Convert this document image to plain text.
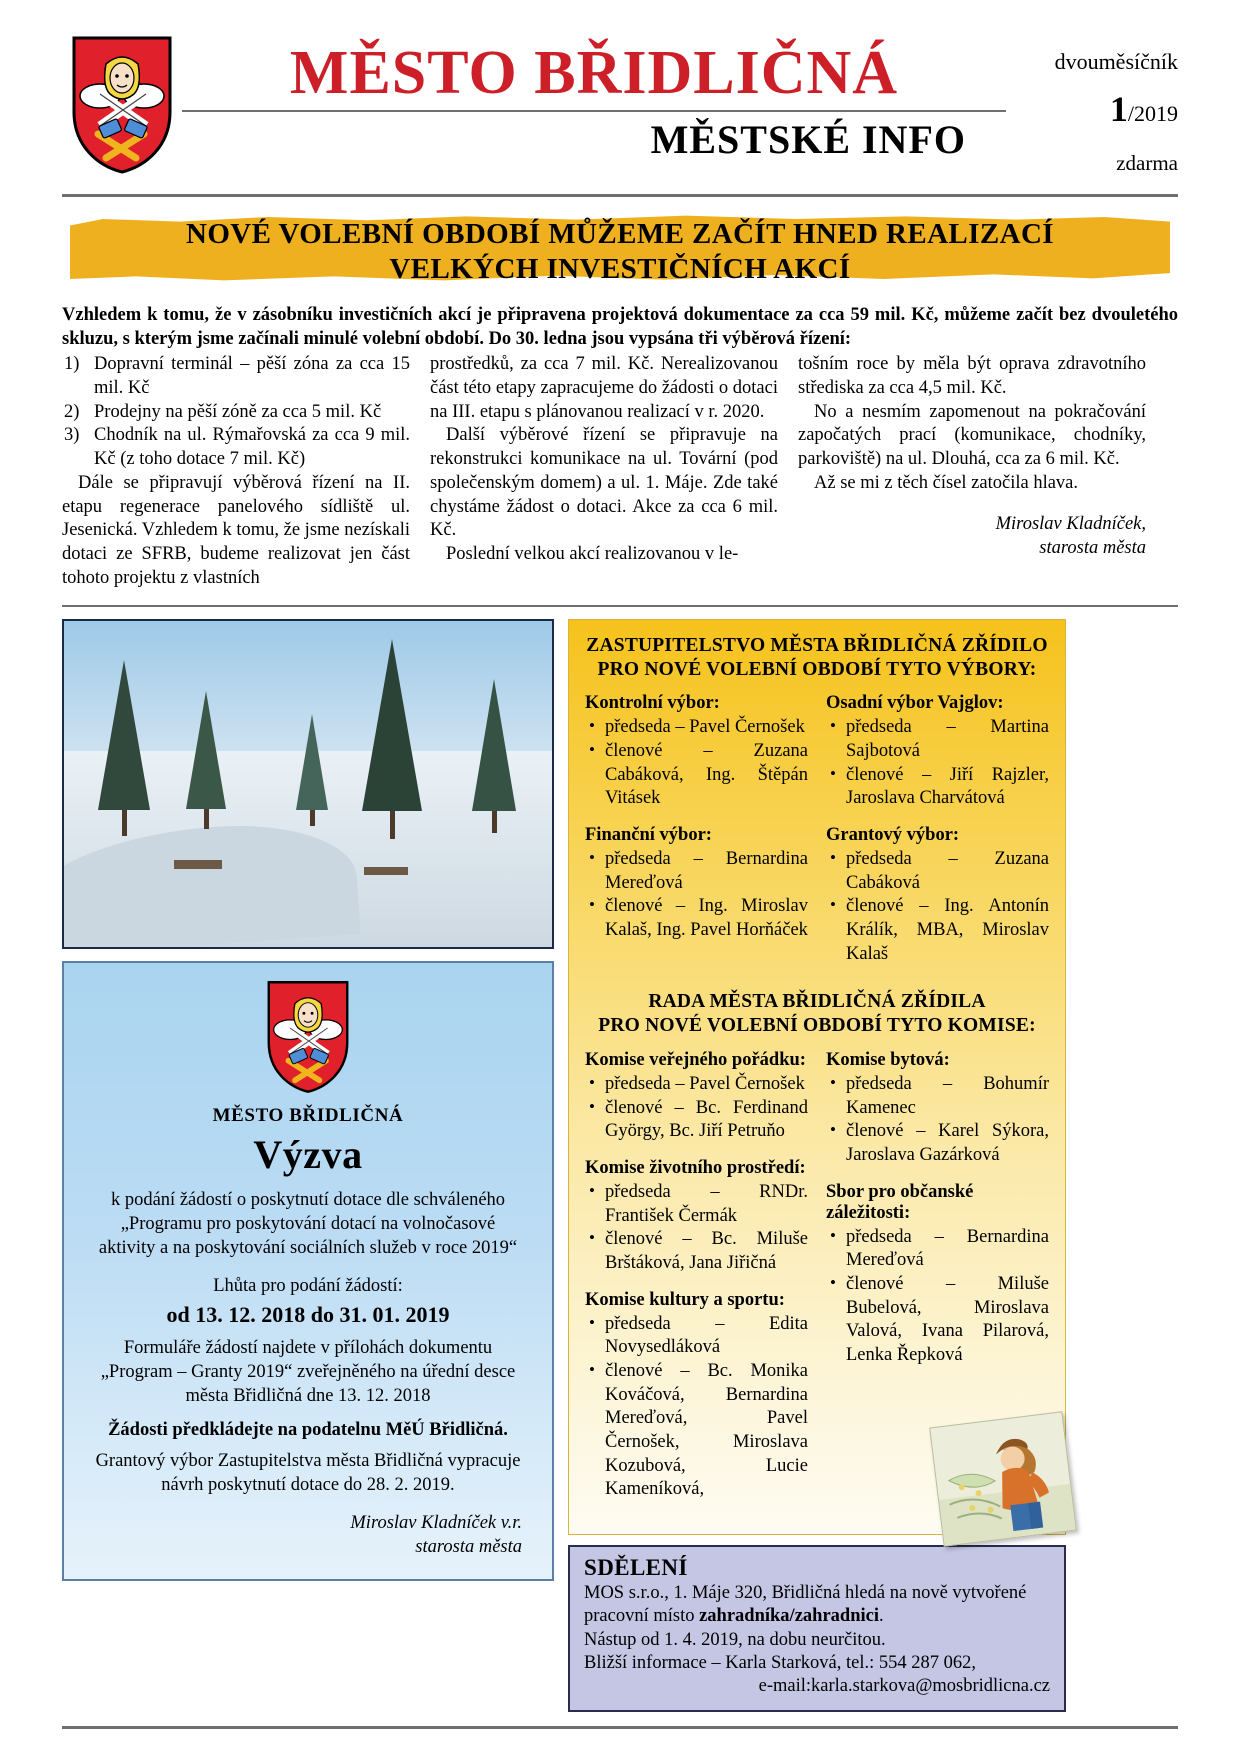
MĚSTO BŘIDLIČNÁ
MĚSTSKÉ INFO
dvouměsíčník
1/2019
zdarma
NOVÉ VOLEBNÍ OBDOBÍ MŮŽEME ZAČÍT HNED REALIZACÍ
VELKÝCH INVESTIČNÍCH AKCÍ
Vzhledem k tomu, že v zásobníku investičních akcí je připravena projektová dokumentace za cca 59 mil. Kč, můžeme začít bez dvouletého skluzu, s kterým jsme začínali minulé volební období. Do 30. ledna jsou vypsána tři výběrová řízení:
1) Dopravní terminál – pěší zóna za cca 15 mil. Kč
2) Prodejny na pěší zóně za cca 5 mil. Kč
3) Chodník na ul. Rýmařovská za cca 9 mil. Kč (z toho dotace 7 mil. Kč)

Dále se připravují výběrová řízení na II. etapu regenerace panelového sídliště ul. Jesenická. Vzhledem k tomu, že jsme nezískali dotaci ze SFRB, budeme realizovat jen část tohoto projektu z vlastních

prostředků, za cca 7 mil. Kč. Nerealizovanou část této etapy zapracujeme do žádosti o dotaci na III. etapu s plánovanou realizací v r. 2020.

Další výběrové řízení se připravuje na rekonstrukci komunikace na ul. Tovární (pod společenským domem) a ul. 1. Máje. Zde také chystáme žádost o dotaci. Akce za cca 6 mil. Kč.

Poslední velkou akcí realizovanou v le-

tošním roce by měla být oprava zdravotního střediska za cca 4,5 mil. Kč.

No a nesmím zapomenout na pokračování započatých prací (komunikace, chodníky, parkoviště) na ul. Dlouhá, cca za 6 mil. Kč.

Až se mi z těch čísel zatočila hlava.

Miroslav Kladníček,
starosta města
MĚSTO BŘIDLIČNÁ
Výzva

k podání žádostí o poskytnutí dotace dle schváleného „Programu pro poskytování dotací na volnočasové aktivity a na poskytování sociálních služeb v roce 2019“

Lhůta pro podání žádostí:

od 13. 12. 2018 do 31. 01. 2019

Formuláře žádostí najdete v přílohách dokumentu „Program – Granty 2019“ zveřejněného na úřední desce města Břidličná dne 13. 12. 2018

Žádosti předkládejte na podatelnu MěÚ Břidličná.

Grantový výbor Zastupitelstva města Břidličná vypracuje návrh poskytnutí dotace do 28. 2. 2019.

Miroslav Kladníček v.r.
starosta města
ZASTUPITELSTVO MĚSTA BŘIDLIČNÁ ZŘÍDILO
PRO NOVÉ VOLEBNÍ OBDOBÍ TYTO VÝBORY:
Kontrolní výbor:
• předseda – Pavel Černošek
• členové – Zuzana Cabáková, Ing. Štěpán Vitásek
Finanční výbor:
• předseda – Bernardina Mereďová
• členové – Ing. Miroslav Kalaš, Ing. Pavel Horňáček
Osadní výbor Vajglov:
• předseda – Martina Sajbotová
• členové – Jiří Rajzler, Jaroslava Charvátová
Grantový výbor:
• předseda – Zuzana Cabáková
• členové – Ing. Antonín Králík, MBA, Miroslav Kalaš
RADA MĚSTA BŘIDLIČNÁ ZŘÍDILA
PRO NOVÉ VOLEBNÍ OBDOBÍ TYTO KOMISE:
Komise veřejného pořádku:
• předseda – Pavel Černošek
• členové – Bc. Ferdinand György, Bc. Jiří Petruňo
Komise životního prostředí:
• předseda – RNDr. František Čermák
• členové – Bc. Miluše Brštáková, Jana Jiřičná
Komise kultury a sportu:
• předseda – Edita Novysedláková
• členové – Bc. Monika Kováčová, Bernardina Mereďová, Pavel Černošek, Miroslava Kozubová, Lucie Kameníková,
Komise bytová:
• předseda – Bohumír Kamenec
• členové – Karel Sýkora, Jaroslava Gazárková
Sbor pro občanské záležitosti:
• předseda – Bernardina Mereďová
• členové – Miluše Bubelová, Miroslava Valová, Ivana Pilarová, Lenka Řepková
SDĚLENÍ

MOS s.r.o., 1. Máje 320, Břidličná hledá na nově vytvořené

pracovní místo zahradníka/zahradnici.

Nástup od 1. 4. 2019, na dobu neurčitou.

Bližší informace – Karla Starková, tel.: 554 287 062,

e-mail:karla.starkova@mosbridlicna.cz
